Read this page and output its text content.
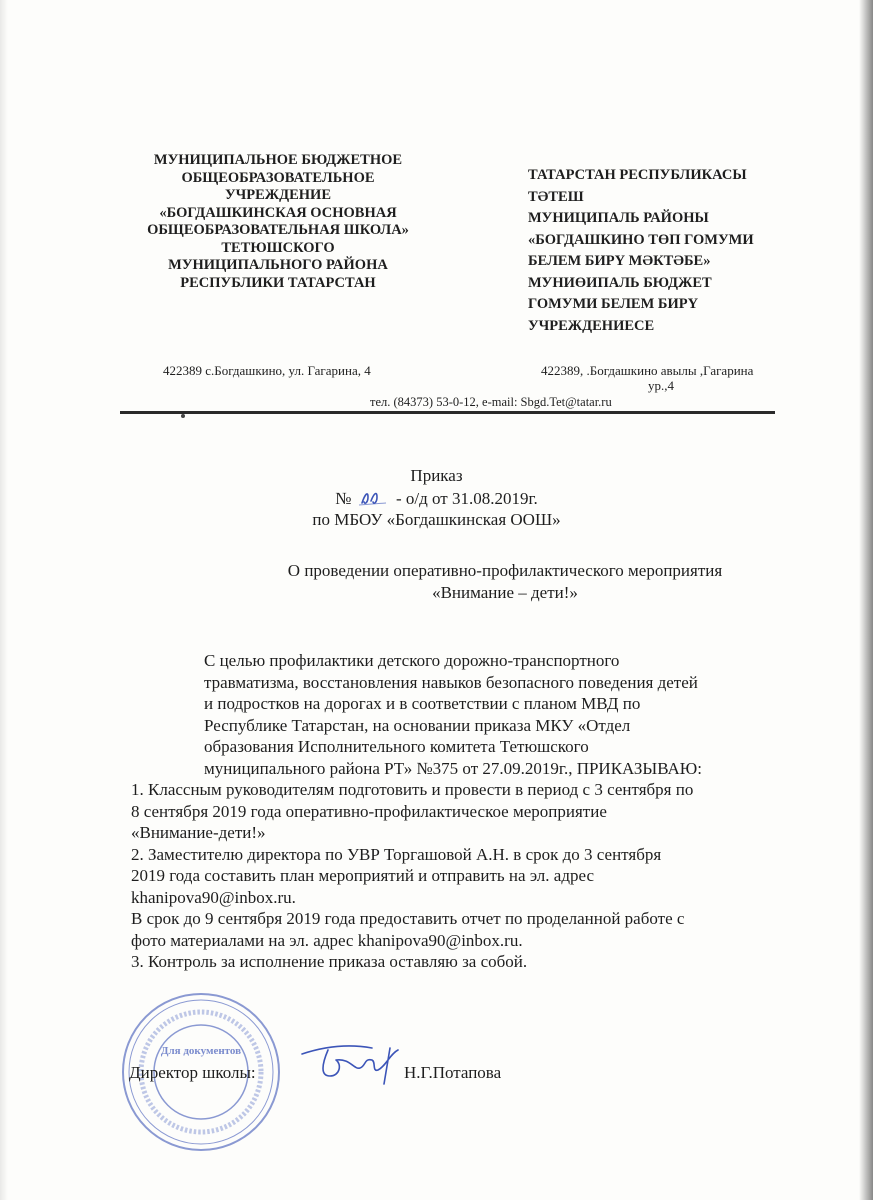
МУНИЦИПАЛЬНОЕ БЮДЖЕТНОЕ
ОБЩЕОБРАЗОВАТЕЛЬНОЕ
УЧРЕЖДЕНИЕ
«БОГДАШКИНСКАЯ ОСНОВНАЯ
ОБЩЕОБРАЗОВАТЕЛЬНАЯ ШКОЛА»
ТЕТЮШСКОГО
МУНИЦИПАЛЬНОГО РАЙОНА
РЕСПУБЛИКИ ТАТАРСТАН
ТАТАРСТАН РЕСПУБЛИКАСЫ
ТӘТЕШ
МУНИЦИПАЛЬ РАЙОНЫ
«БОГДАШКИНО ТӨП ГОМУМИ
БЕЛЕМ БИРҮ МӘКТӘБЕ»
МУНИӨИПАЛЬ БЮДЖЕТ
ГОМУМИ БЕЛЕМ БИРҮ
УЧРЕЖДЕНИЕСЕ
422389 с.Богдашкино, ул. Гагарина, 4	422389, .Богдашкино авылы ,Гагарина
ур.,4
тел. (84373) 53-0-12, e-mail: Sbgd.Tet@tatar.ru
Приказ
№	- о/д от 31.08.2019г.
по МБОУ «Богдашкинская ООШ»
О проведении оперативно-профилактического мероприятия
«Внимание – дети!»
С целью профилактики детского дорожно-транспортного
травматизма, восстановления навыков безопасного поведения детей
и подростков на дорогах и в соответствии с планом МВД по
Республике Татарстан, на основании приказа МКУ «Отдел
образования Исполнительного комитета Тетюшского
муниципального района РТ» №375 от 27.09.2019г., ПРИКАЗЫВАЮ:
1. Классным руководителям подготовить и провести в период с 3 сентября по
8 сентября 2019 года оперативно-профилактическое мероприятие
«Внимание-дети!»
2. Заместителю директора по УВР Торгашовой А.Н. в срок до 3 сентября
2019 года составить план мероприятий и отправить на эл. адрес
khanipova90@inbox.ru.
В срок до 9 сентября 2019 года предоставить отчет по проделанной работе с
фото материалами на эл. адрес khanipova90@inbox.ru.
3. Контроль за исполнение приказа оставляю за собой.
Для документов
Директор школы:	Н.Г.Потапова
